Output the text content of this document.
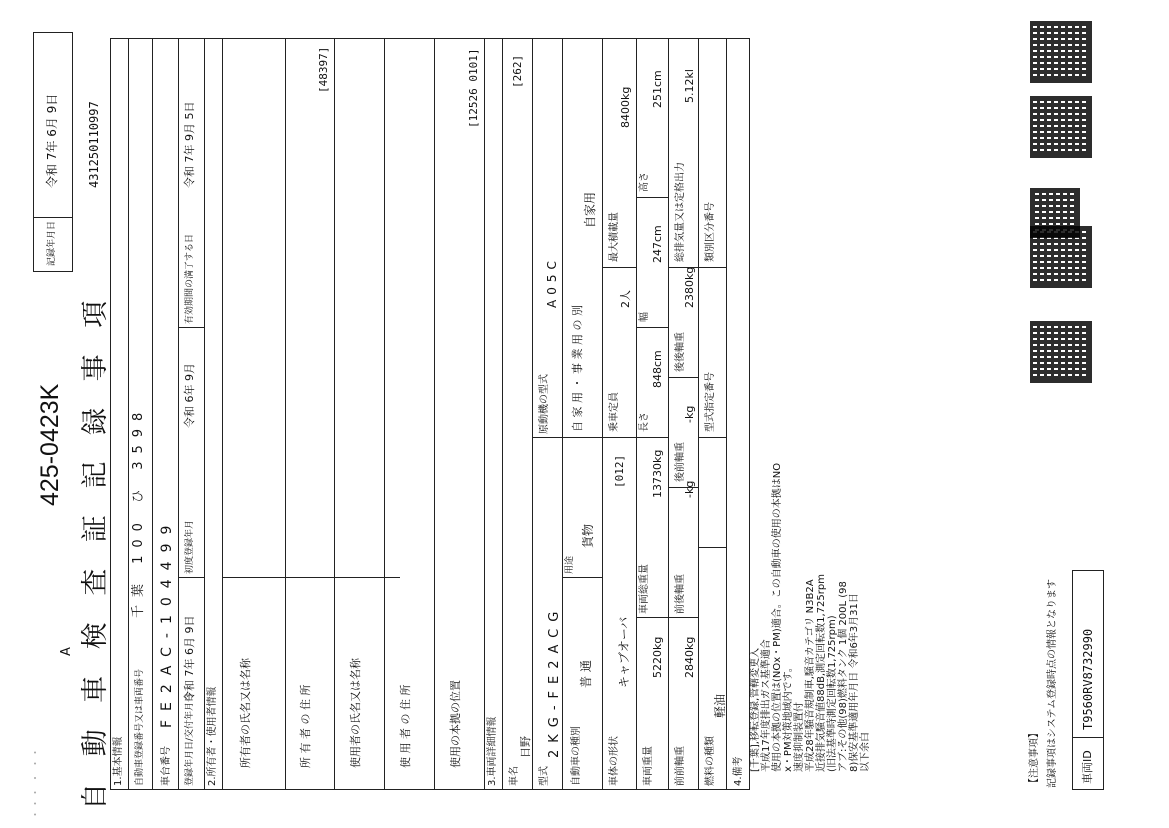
425-0423K
A 自 動 車 検 査 証 記 録 事 項
記録年月日
令和 7年 6月 9日 431250110997
1.基本情報 自動車登録番号又は車両番号
千葉 100 ひ 3598
車台番号
FE2AC-104499
登録年月日/交付年月日
令和 7年 6月 9日
初度登録年月
令和 6年 9月
有効期間の満了する日
令和 7年 9月 5日
2.所有者・使用者情報 所有者の氏名又は名称	所 有 者 の 住 所
[48397]
使用者の氏名又は名称	使 用 者 の 住 所	使用の本拠の位置
[12526 0101]
3.車両詳細情報 車名
日野
[262]
型式
2KG-FE2ACG
原動機の型式
A05C
自動車の種別
普 通
用途
貨物
自 家 用 ・ 事 業 用 の 別
自家用
車体の形状
キャブオーバ
[012]
乗車定員
2人
最大積載量
8400kg
車両重量
5220kg
車両総重量
13730kg
長さ
848cm
幅
247cm
高さ
251cm
前前軸重
2840kg
前後軸重
-kg
後前軸重
-kg
後後軸重
2380kg
総排気量又は定格出力
5.12kl
燃料の種類
軽油
型式指定番号
類別区分番号
4.備考 [千葉],移転登録,管轄変更入 平成17年度排出ガス基準適合 使用の本拠の位置は(NOx・PM)適合。この自動車の使用の本拠はNO x・PM対策地域内です。 速度抑制装置付 平成28年騒音規制車,騒音カテゴリ N3B2A 近接排気騒音値88dB,測定回転数1,725rpm (旧法基準時測定回転数1,725rpm) アブ:その他(98)燃料タンク 1個 200L (98 8)保安基準適用年月日 令和6年3月31日 以下余白	【注意事項】 記録事項はシステム登録時点の情報となります 車両ID
T9560RV8732990
・・・ ・ ・・
